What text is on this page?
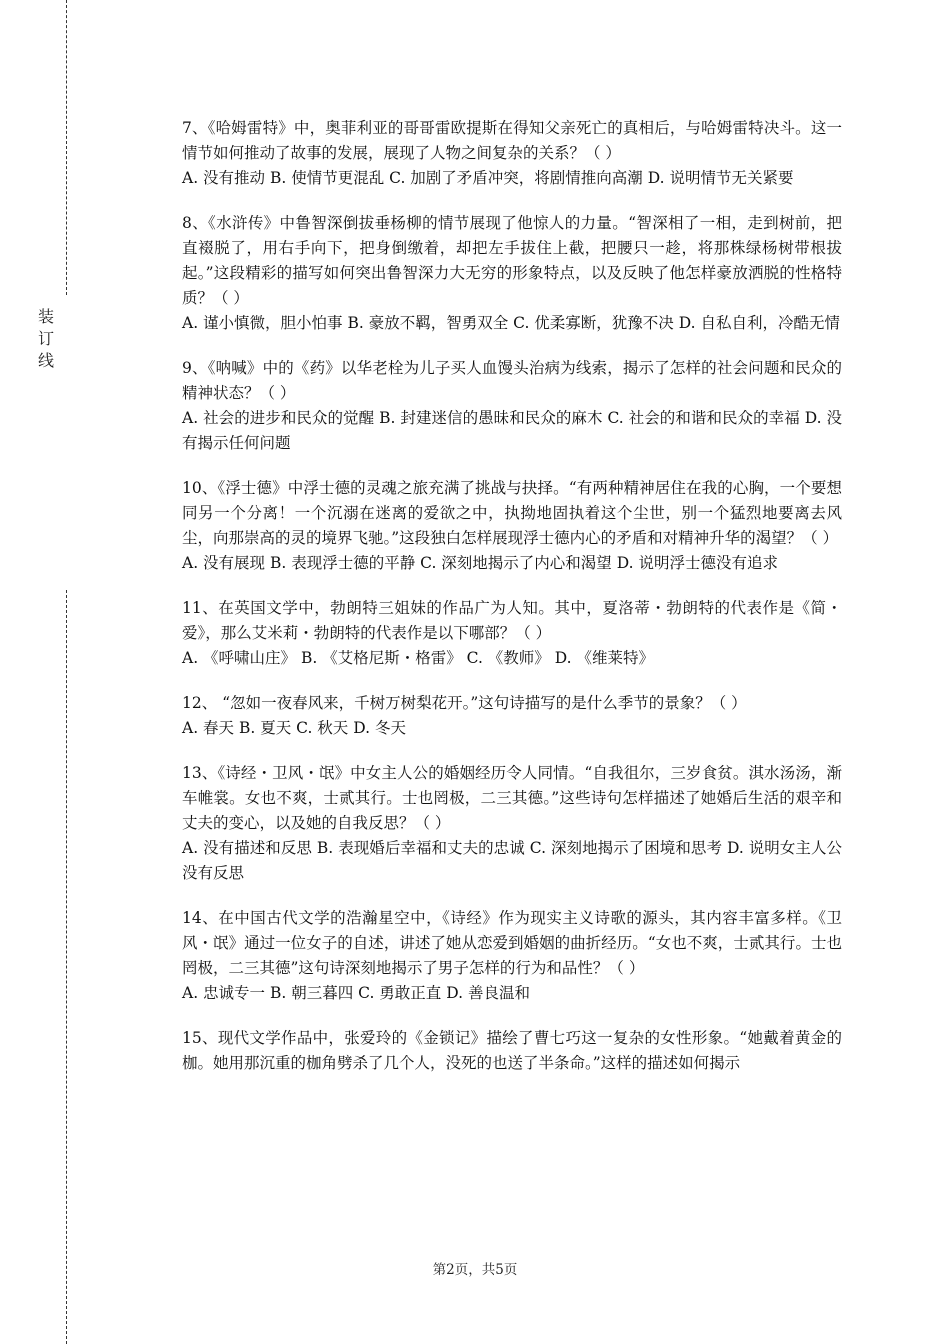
装
订
线

7、《哈姆雷特》中，奥菲利亚的哥哥雷欧提斯在得知父亲死亡的真相后，与哈姆雷特决斗。这一情节如何推动了故事的发展，展现了人物之间复杂的关系？（ ）

A. 没有推动 B. 使情节更混乱 C. 加剧了矛盾冲突，将剧情推向高潮 D. 说明情节无关紧要

8、《水浒传》中鲁智深倒拔垂杨柳的情节展现了他惊人的力量。“智深相了一相，走到树前，把直裰脱了，用右手向下，把身倒缴着，却把左手拔住上截，把腰只一趁，将那株绿杨树带根拔起。”这段精彩的描写如何突出鲁智深力大无穷的形象特点，以及反映了他怎样豪放洒脱的性格特质？（ ）

A. 谨小慎微，胆小怕事 B. 豪放不羁，智勇双全 C. 优柔寡断，犹豫不决 D. 自私自利，冷酷无情

9、《呐喊》中的《药》以华老栓为儿子买人血馒头治病为线索，揭示了怎样的社会问题和民众的精神状态？（ ）

A. 社会的进步和民众的觉醒 B. 封建迷信的愚昧和民众的麻木 C. 社会的和谐和民众的幸福 D. 没有揭示任何问题

10、《浮士德》中浮士德的灵魂之旅充满了挑战与抉择。“有两种精神居住在我的心胸，一个要想同另一个分离！一个沉溺在迷离的爱欲之中，执拗地固执着这个尘世，别一个猛烈地要离去风尘，向那崇高的灵的境界飞驰。”这段独白怎样展现浮士德内心的矛盾和对精神升华的渴望？（ ）

A. 没有展现 B. 表现浮士德的平静 C. 深刻地揭示了内心和渴望 D. 说明浮士德没有追求

11、在英国文学中，勃朗特三姐妹的作品广为人知。其中，夏洛蒂・勃朗特的代表作是《简・爱》，那么艾米莉・勃朗特的代表作是以下哪部？（ ）

A. 《呼啸山庄》 B. 《艾格尼斯・格雷》 C. 《教师》 D. 《维莱特》

12、 “忽如一夜春风来，千树万树梨花开。”这句诗描写的是什么季节的景象？（ ）

A. 春天 B. 夏天 C. 秋天 D. 冬天

13、《诗经・卫风・氓》中女主人公的婚姻经历令人同情。“自我徂尔，三岁食贫。淇水汤汤，渐车帷裳。女也不爽，士贰其行。士也罔极，二三其德。”这些诗句怎样描述了她婚后生活的艰辛和丈夫的变心，以及她的自我反思？（ ）

A. 没有描述和反思 B. 表现婚后幸福和丈夫的忠诚 C. 深刻地揭示了困境和思考 D. 说明女主人公没有反思

14、在中国古代文学的浩瀚星空中，《诗经》作为现实主义诗歌的源头，其内容丰富多样。《卫风・氓》通过一位女子的自述，讲述了她从恋爱到婚姻的曲折经历。“女也不爽，士贰其行。士也罔极，二三其德”这句诗深刻地揭示了男子怎样的行为和品性？（ ）

A. 忠诚专一 B. 朝三暮四 C. 勇敢正直 D. 善良温和

15、现代文学作品中，张爱玲的《金锁记》描绘了曹七巧这一复杂的女性形象。“她戴着黄金的枷。她用那沉重的枷角劈杀了几个人，没死的也送了半条命。”这样的描述如何揭示

第2页，共5页
